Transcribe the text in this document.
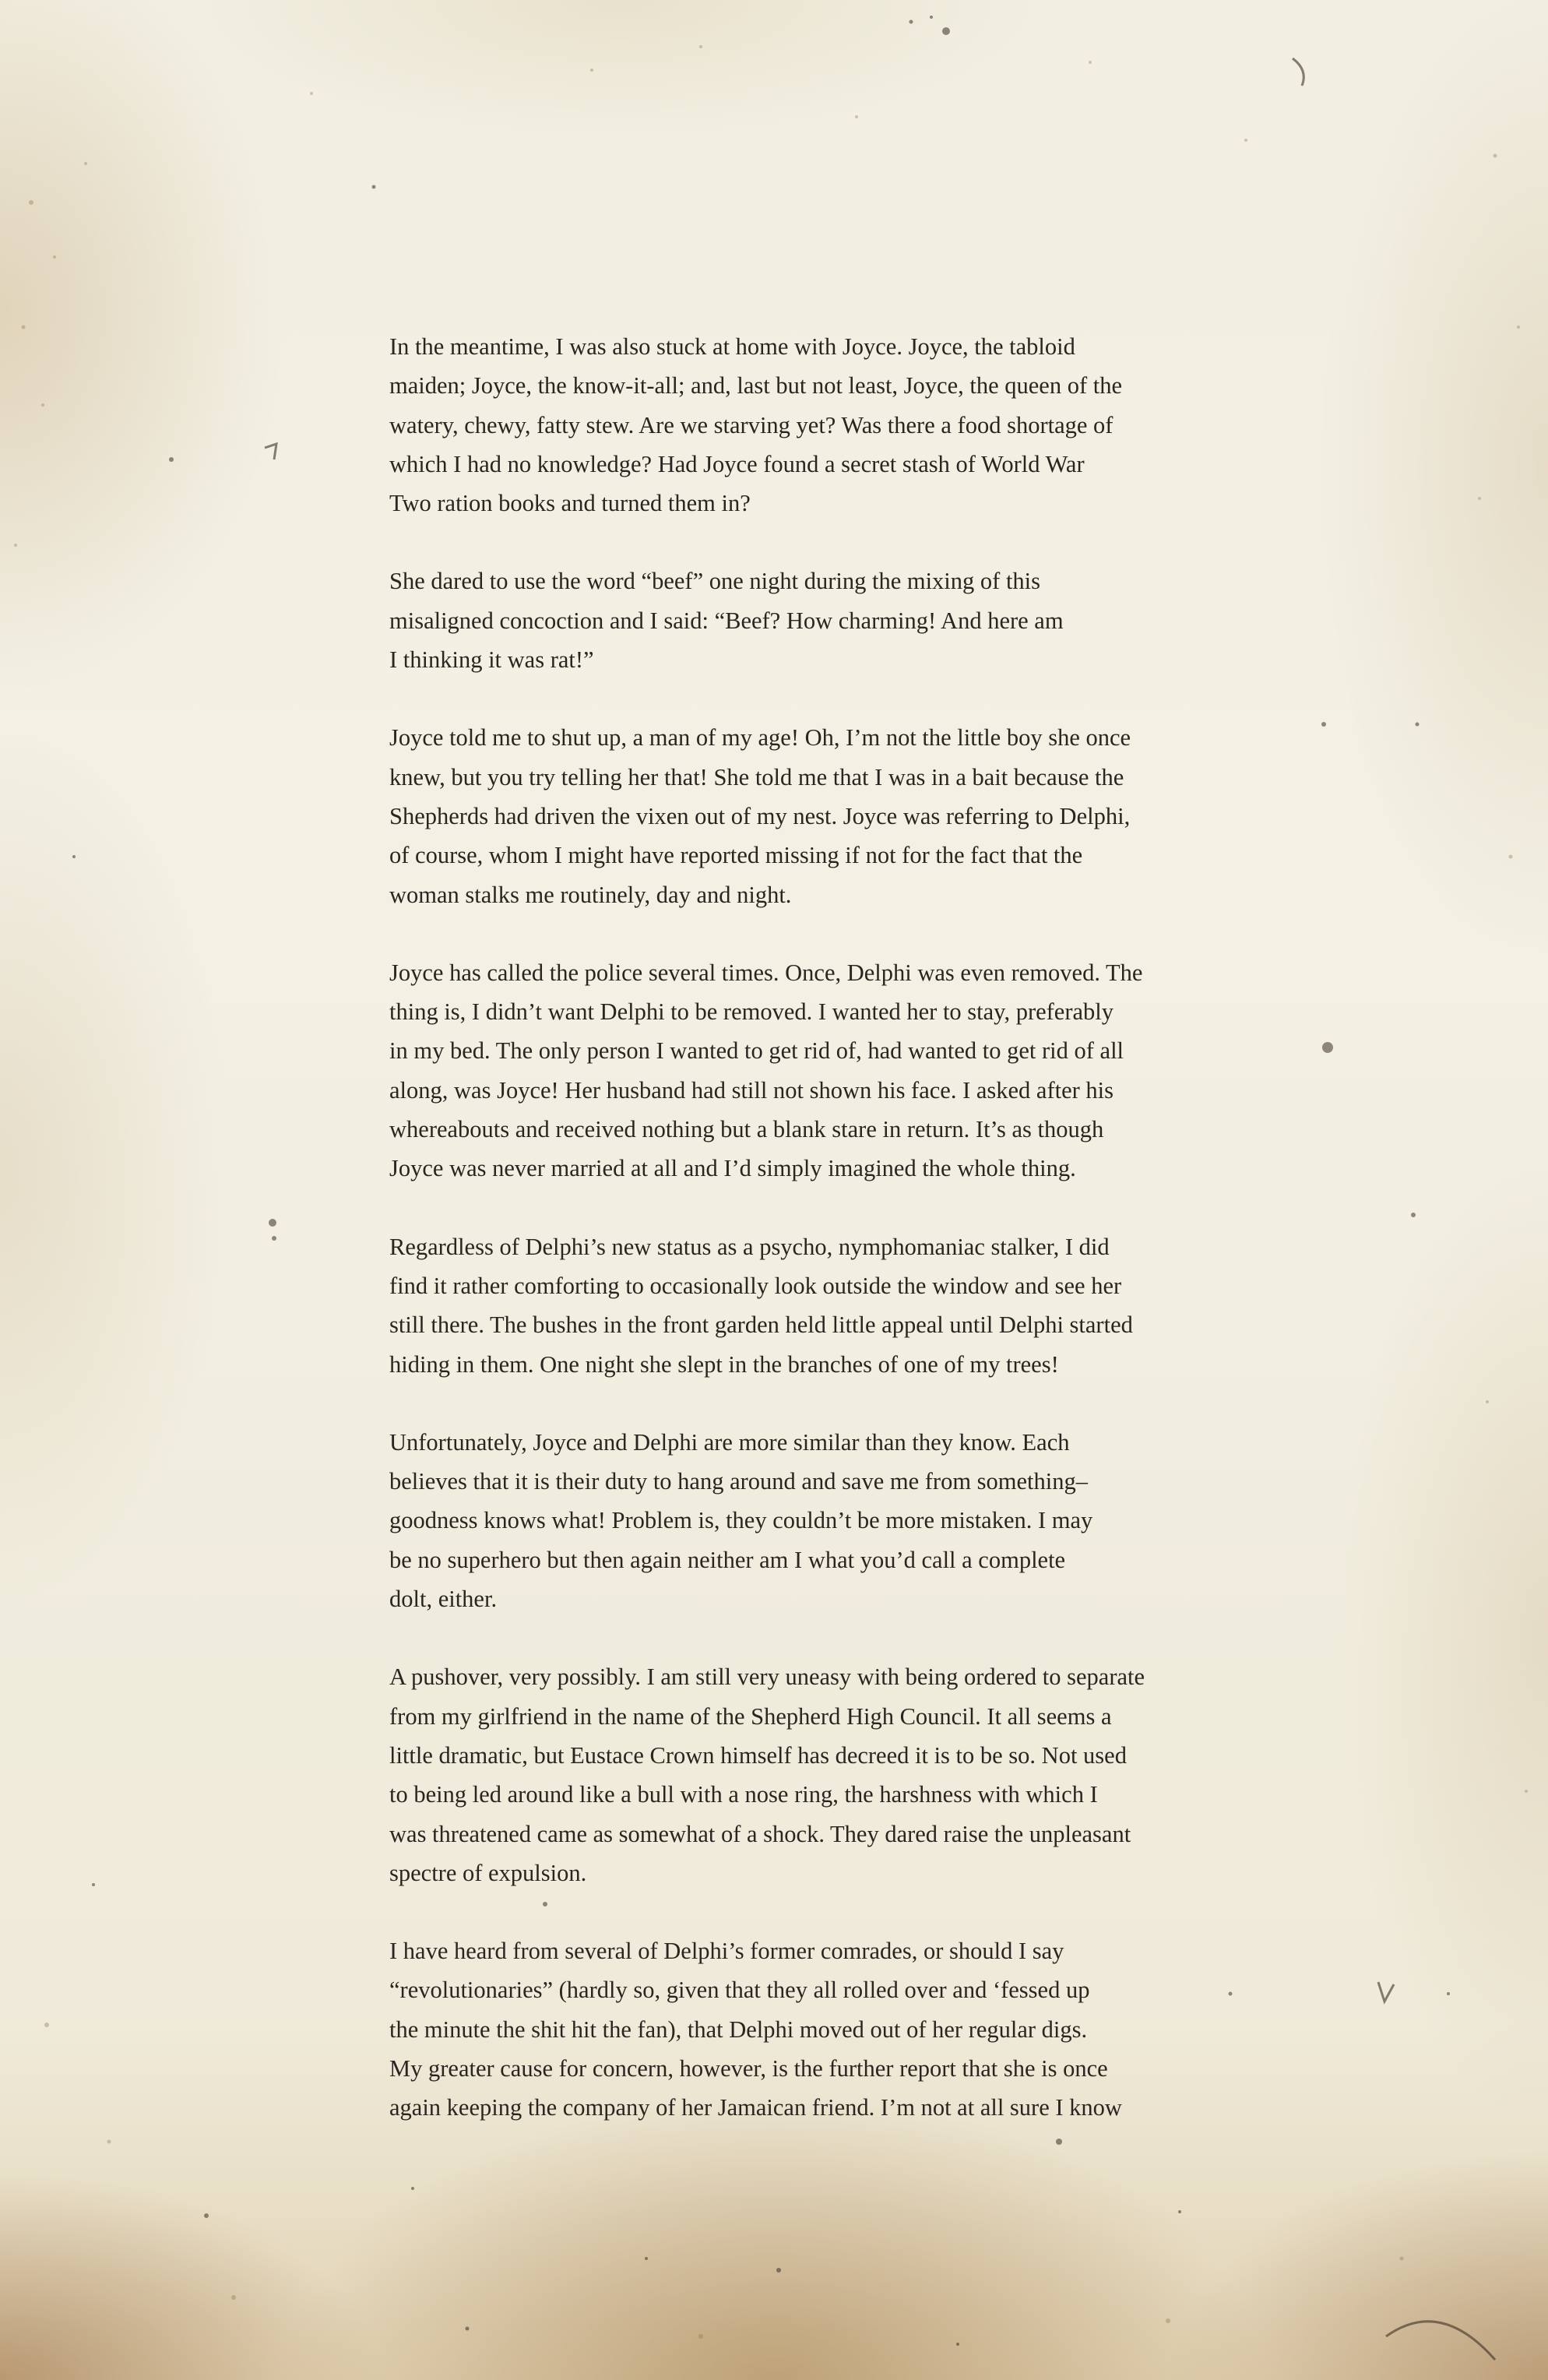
In the meantime, I was also stuck at home with Joyce. Joyce, the tabloid
maiden; Joyce, the know-it-all; and, last but not least, Joyce, the queen of the
watery, chewy, fatty stew. Are we starving yet? Was there a food shortage of
which I had no knowledge? Had Joyce found a secret stash of World War
Two ration books and turned them in?

She dared to use the word “beef” one night during the mixing of this
misaligned concoction and I said: “Beef? How charming! And here am
I thinking it was rat!”

Joyce told me to shut up, a man of my age! Oh, I’m not the little boy she once
knew, but you try telling her that! She told me that I was in a bait because the
Shepherds had driven the vixen out of my nest. Joyce was referring to Delphi,
of course, whom I might have reported missing if not for the fact that the
woman stalks me routinely, day and night.

Joyce has called the police several times. Once, Delphi was even removed. The
thing is, I didn’t want Delphi to be removed. I wanted her to stay, preferably
in my bed. The only person I wanted to get rid of, had wanted to get rid of all
along, was Joyce! Her husband had still not shown his face. I asked after his
whereabouts and received nothing but a blank stare in return. It’s as though
Joyce was never married at all and I’d simply imagined the whole thing.

Regardless of Delphi’s new status as a psycho, nymphomaniac stalker, I did
find it rather comforting to occasionally look outside the window and see her
still there. The bushes in the front garden held little appeal until Delphi started
hiding in them. One night she slept in the branches of one of my trees!

Unfortunately, Joyce and Delphi are more similar than they know. Each
believes that it is their duty to hang around and save me from something–
goodness knows what! Problem is, they couldn’t be more mistaken. I may
be no superhero but then again neither am I what you’d call a complete
dolt, either.

A pushover, very possibly. I am still very uneasy with being ordered to separate
from my girlfriend in the name of the Shepherd High Council. It all seems a
little dramatic, but Eustace Crown himself has decreed it is to be so. Not used
to being led around like a bull with a nose ring, the harshness with which I
was threatened came as somewhat of a shock. They dared raise the unpleasant
spectre of expulsion.

I have heard from several of Delphi’s former comrades, or should I say
“revolutionaries” (hardly so, given that they all rolled over and ‘fessed up
the minute the shit hit the fan), that Delphi moved out of her regular digs.
My greater cause for concern, however, is the further report that she is once
again keeping the company of her Jamaican friend. I’m not at all sure I know
